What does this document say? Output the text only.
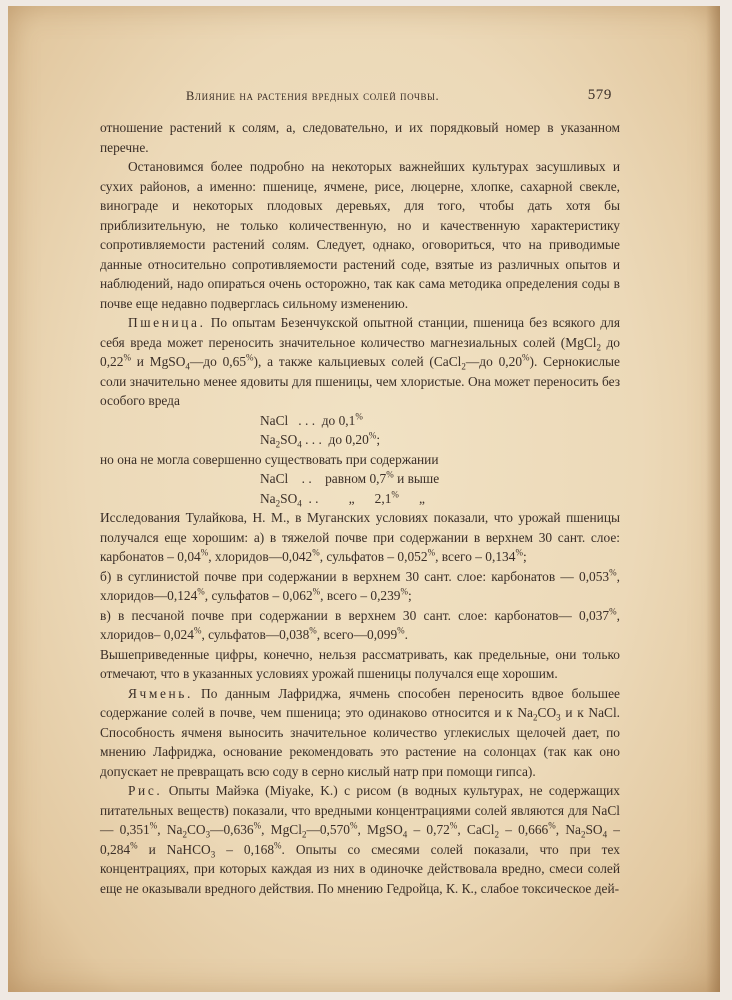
Влияние на растения вредных солей почвы.	579

отношение растений к солям, а, следовательно, и их порядковый номер в указанном перечне.

Остановимся более подробно на некоторых важнейших культурах засушливых и сухих районов, а именно: пшенице, ячмене, рисе, люцерне, хлопке, сахарной свекле, винограде и некоторых плодовых деревьях, для того, чтобы дать хотя бы приблизительную, не только количественную, но и качественную характеристику сопротивляемости растений солям. Следует, однако, оговориться, что на приводимые данные относительно сопротивляемости растений соде, взятые из различных опытов и наблюдений, надо опираться очень осторожно, так как сама методика определения соды в почве еще недавно подверглась сильному изменению.

Пшеница. По опытам Безенчукской опытной станции, пшеница без всякого для себя вреда может переносить значительное количество магнезиальных солей (MgCl$_2$ до 0,22% и MgSO$_4$—до 0,65%), а также кальциевых солей (CaCl$_2$—до 0,20%). Сернокислые соли значительно менее ядовиты для пшеницы, чем хлористые. Она может переносить без особого вреда

NaCl   . . .  до 0,1%
$Na_2SO_4$ . . .  до 0,20%;

но она не могла совершенно существовать при содержании

NaCl    . .    равном 0,7% и выше
$Na_2SO_4$  . .         „      2,1%      „

Исследования Тулайкова, Н. М., в Муганских условиях показали, что урожай пшеницы получался еще хорошим: а) в тяжелой почве при содержании в верхнем 30 сант. слое: карбонатов – 0,04%, хлоридов—0,042%, сульфатов – 0,052%, всего – 0,134%;

б) в суглинистой почве при содержании в верхнем 30 сант. слое: карбонатов — 0,053%, хлоридов—0,124%, сульфатов – 0,062%, всего – 0,239%;

в) в песчаной почве при содержании в верхнем 30 сант. слое: карбонатов— 0,037%, хлоридов– 0,024%, сульфатов—0,038%, всего—0,099%.

Вышеприведенные цифры, конечно, нельзя рассматривать, как предельные, они только отмечают, что в указанных условиях урожай пшеницы получался еще хорошим.

Ячмень. По данным Лафриджа, ячмень способен переносить вдвое большее содержание солей в почве, чем пшеница; это одинаково относится и к $Na_2CO_3$ и к NaCl. Способность ячменя выносить значительное количество углекислых щелочей дает, по мнению Лафриджа, основание рекомендовать это растение на солонцах (так как оно допускает не превращать всю соду в серно кислый натр при помощи гипса).

Рис. Опыты Майэка (Miyake, K.) с рисом (в водных культурах, не содержащих питательных веществ) показали, что вредными концентрациями солей являются для NaCl— 0,351%, $Na_2CO_3—0,636^{\%}$, MgCl$_2$—0,570%, MgSO$_4$ – 0,72%, CaCl$_2$ – 0,666%, $Na_2SO_4 - 0,284^{\%}$ и NaHCO$_3$ – 0,168%. Опыты со смесями солей показали, что при тех концентрациях, при которых каждая из них в одиночке действовала вредно, смеси солей еще не оказывали вредного действия. По мнению Гедройца, К. К., слабое токсическое дей-
